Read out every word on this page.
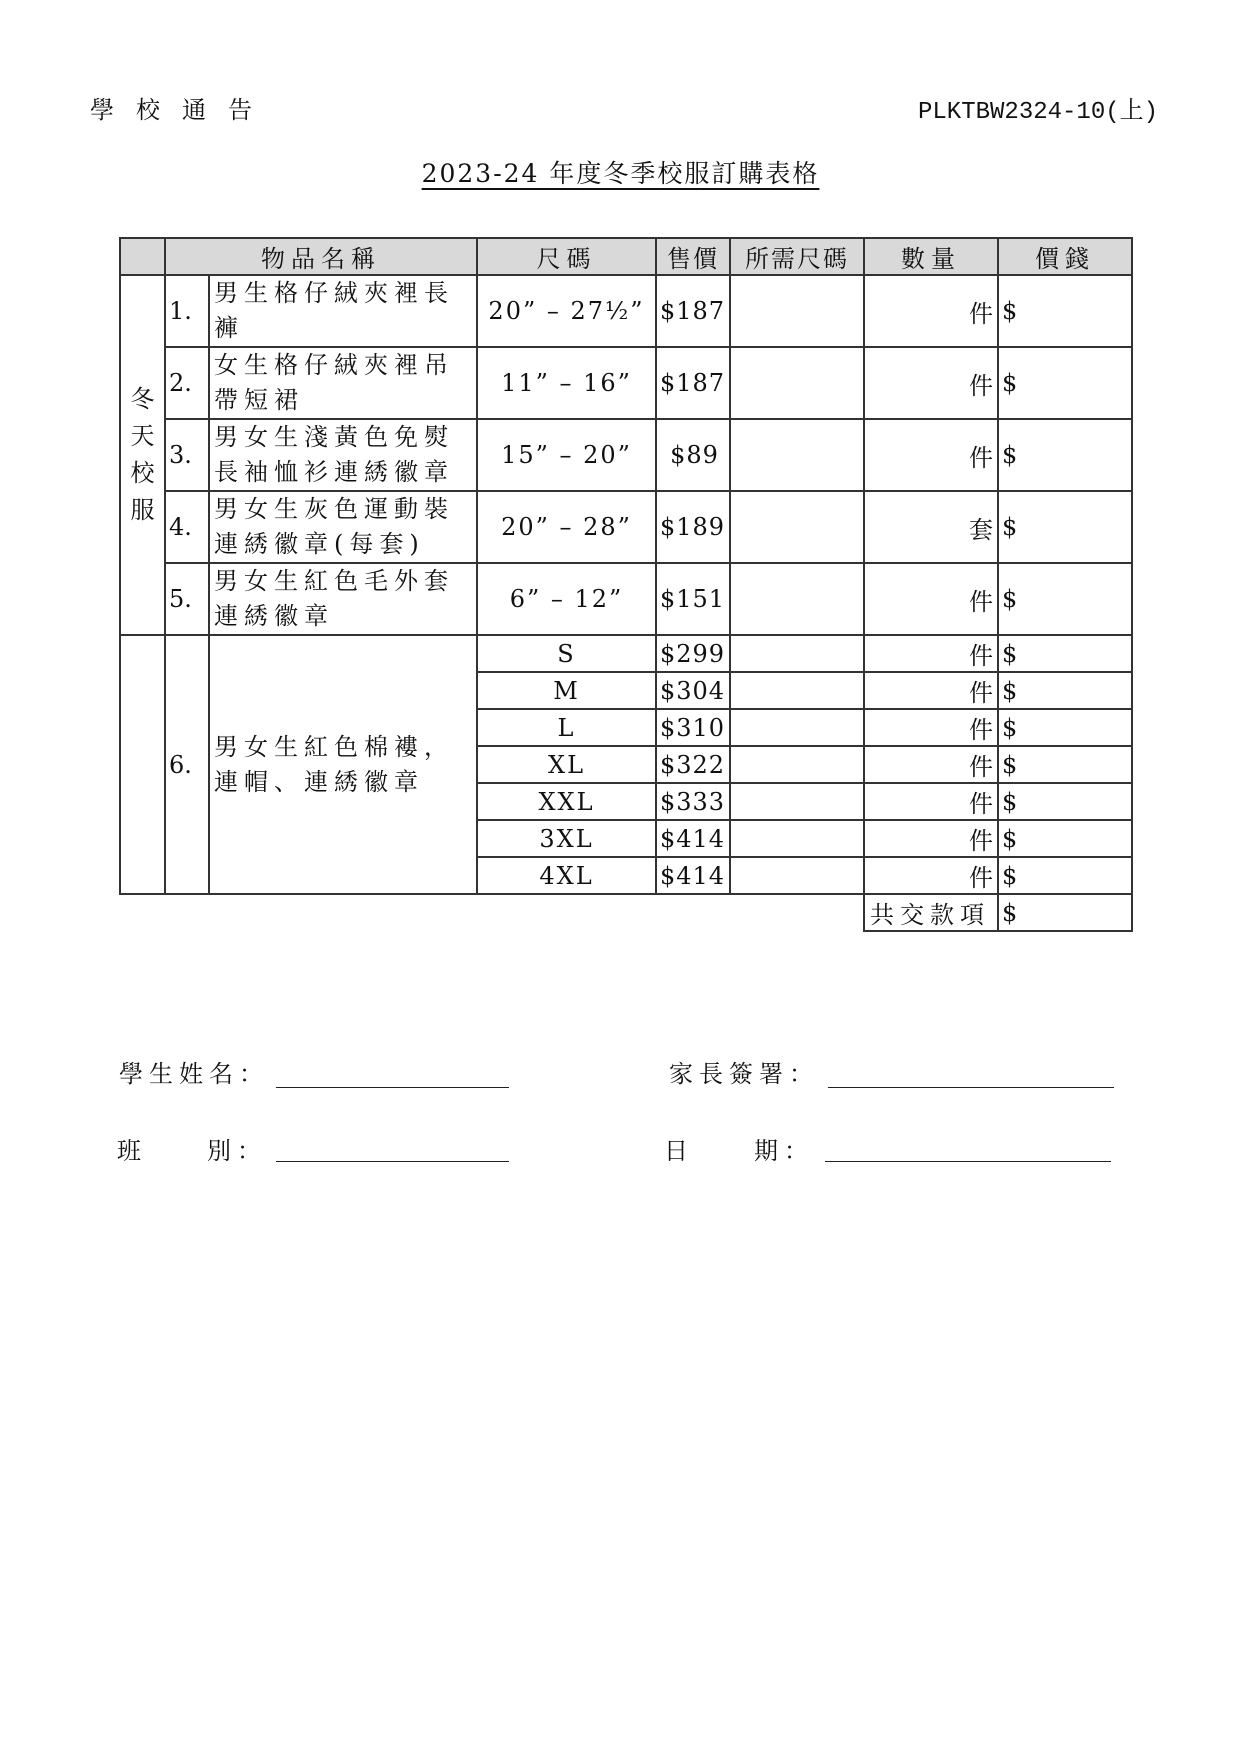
學校通告	PLKTBW2324-10(上)
2023-24 年度冬季校服訂購表格
	物品名稱		尺碼	售價	所需尺碼	數量	價錢

冬
天
校
服	1.	男生格仔絨夾裡長褲	20” – 27½”	$187		件	$
	2.	女生格仔絨夾裡吊帶短裙	11” – 16”	$187		件	$
	3.	男女生淺黃色免熨長袖恤衫連綉徽章	15” – 20”	$89		件	$
	4.	男女生灰色運動裝連綉徽章(每套)	20” – 28”	$189		套	$
	5.	男女生紅色毛外套連綉徽章	6” – 12”	$151		件	$
	6.	男女生紅色棉褸，連帽、連綉徽章	S	$299		件	$
			M	$304		件	$
			L	$310		件	$
			XL	$322		件	$
			XXL	$333		件	$
			3XL	$414		件	$
			4XL	$414		件	$
						共交款項	$
學生姓名：	家長簽署：
班　　別：	日　　期：
